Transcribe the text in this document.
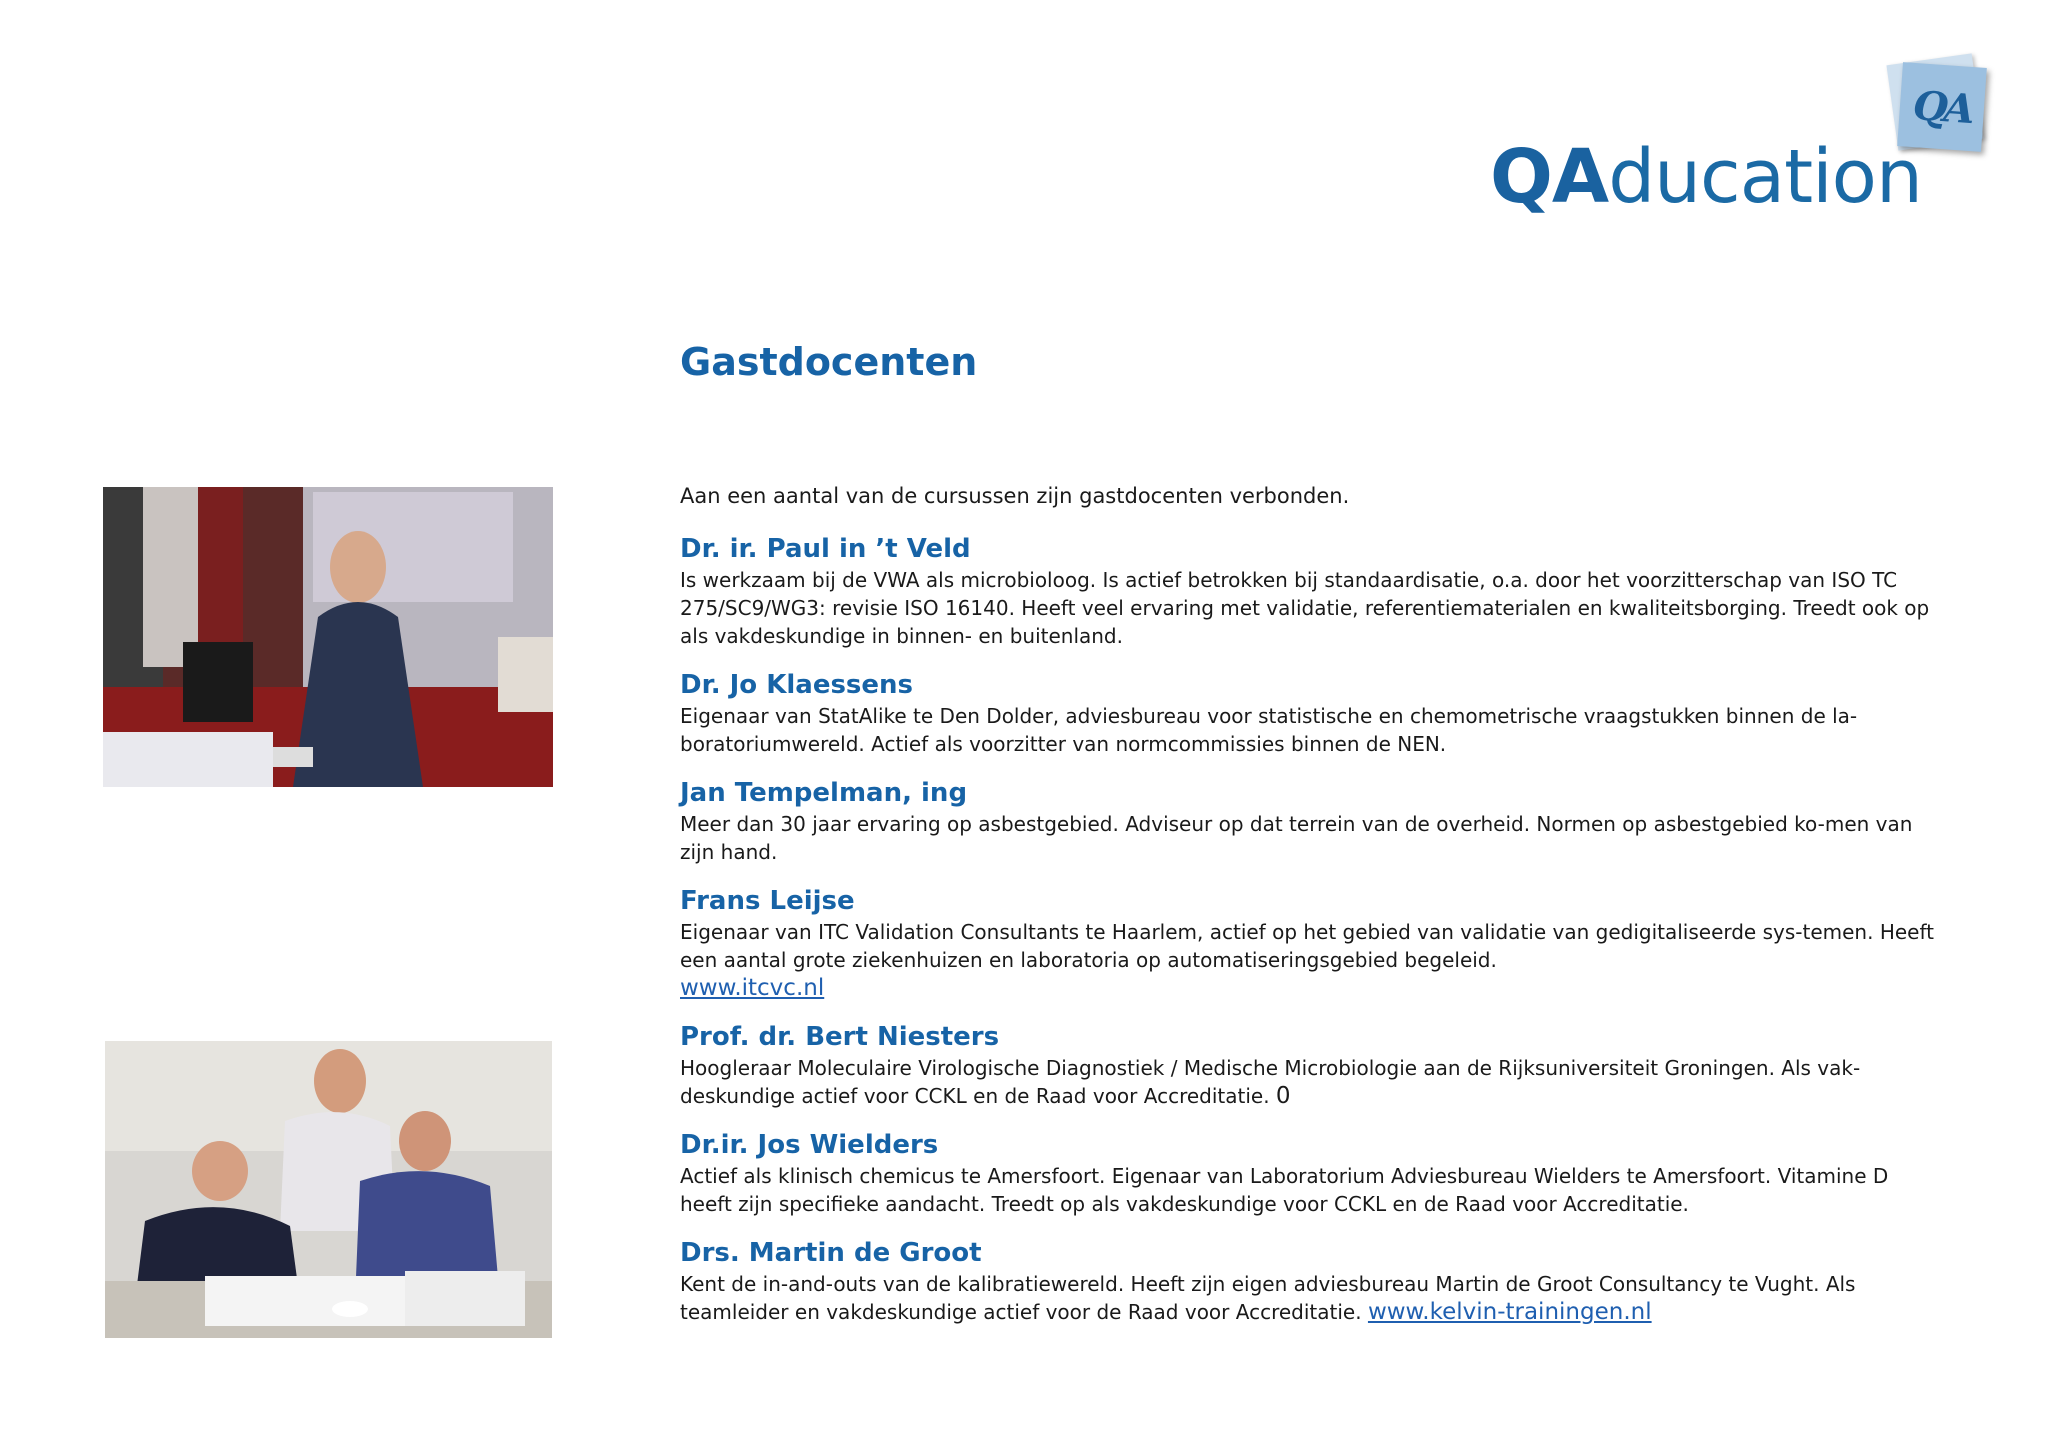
QA
QAducation
Gastdocenten

Aan een aantal van de cursussen zijn gastdocenten verbonden.

Dr. ir. Paul in ’t Veld

Is werkzaam bij de VWA als microbioloog. Is actief betrokken bij standaardisatie, o.a. door het voorzitterschap van ISO TC 275/SC9/WG3: revisie ISO 16140. Heeft veel ervaring met validatie, referentiematerialen en kwaliteitsborging. Treedt ook op als vakdeskundige in binnen- en buitenland.

Dr. Jo Klaessens

Eigenaar van StatAlike te Den Dolder, adviesbureau voor statistische en chemometrische vraagstukken binnen de la-boratoriumwereld. Actief als voorzitter van normcommissies binnen de NEN.

Jan Tempelman, ing

Meer dan 30 jaar ervaring op asbestgebied. Adviseur op dat terrein van de overheid. Normen op asbestgebied ko-men van zijn hand.

Frans Leijse

Eigenaar van ITC Validation Consultants te Haarlem, actief op het gebied van validatie van gedigitaliseerde sys-temen. Heeft een aantal grote ziekenhuizen en laboratoria op automatiseringsgebied begeleid.

www.itcvc.nl

Prof. dr. Bert Niesters

Hoogleraar Moleculaire Virologische Diagnostiek / Medische Microbiologie aan de Rijksuniversiteit Groningen. Als vak-deskundige actief voor CCKL en de Raad voor Accreditatie. 0

Dr.ir. Jos Wielders

Actief als klinisch chemicus te Amersfoort. Eigenaar van Laboratorium Adviesbureau Wielders te Amersfoort. Vitamine D heeft zijn specifieke aandacht. Treedt op als vakdeskundige voor CCKL en de Raad voor Accreditatie.

Drs. Martin de Groot

Kent de in-and-outs van de kalibratiewereld. Heeft zijn eigen adviesbureau Martin de Groot Consultancy te Vught. Als teamleider en vakdeskundige actief voor de Raad voor Accreditatie. www.kelvin-trainingen.nl
